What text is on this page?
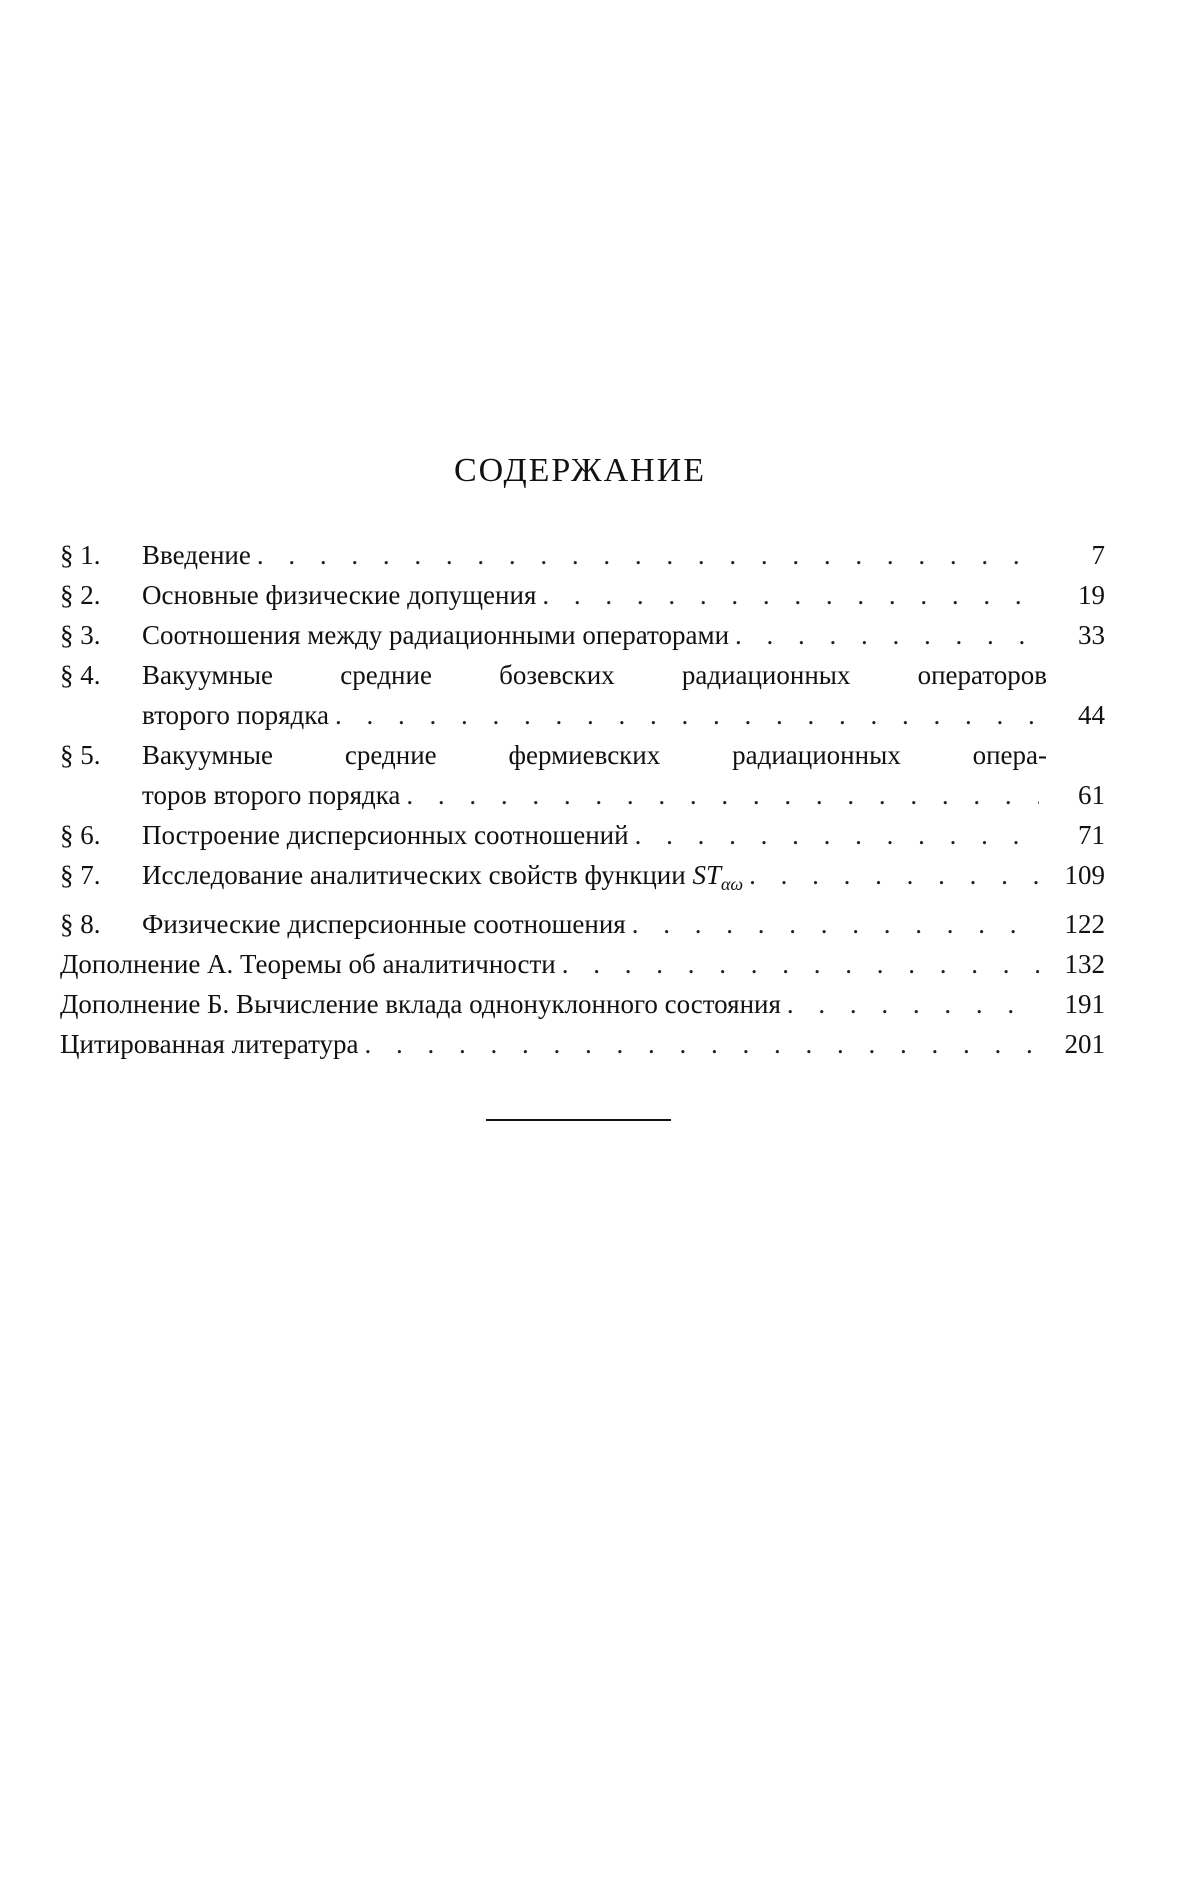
СОДЕРЖАНИЕ
§ 1.	Введение . . .	7
§ 2.	Основные физические допущения . . .	19
§ 3.	Соотношения между радиационными операторами . . .	33
§ 4.	Вакуумные средние бозевских радиационных операторов
второго порядка . . .	44
§ 5.	Вакуумные средние фермиевских радиационных опера-
торов второго порядка . . .	61
§ 6.	Построение дисперсионных соотношений . . .	71
§ 7.	Исследование аналитических свойств функции $ST_{\alpha\omega}$ . . .	109
§ 8.	Физические дисперсионные соотношения . . .	122
Дополнение А. Теоремы об аналитичности . . .	132
Дополнение Б. Вычисление вклада однонуклонного состояния . . .	191
Цитированная литература . . .	201
